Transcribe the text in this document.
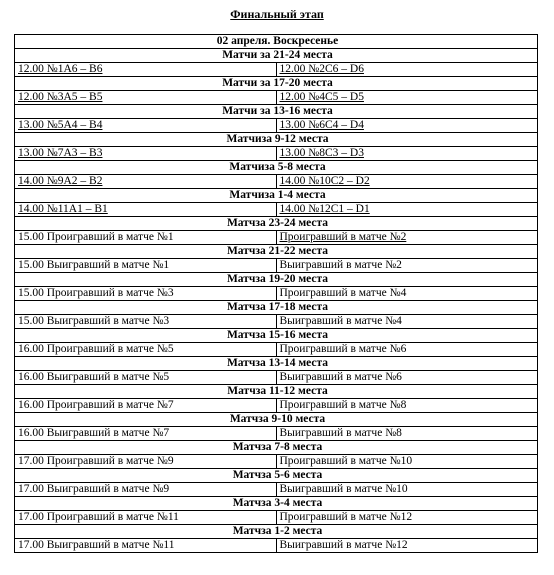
Финальный этап
02 апреля. Воскресенье	
Матчи за 21-24 места	
12.00 №1А6 – В6	12.00 №2С6 – D6
Матчи за 17-20 места	
12.00 №3А5 – В5	12.00 №4С5 – D5
Матчи за 13-16 места	
13.00 №5А4 – В4	13.00 №6С4 – D4
Матчиза 9-12 места	
13.00 №7А3 – В3	13.00 №8С3 – D3
Матчиза 5-8 места	
14.00 №9А2 – В2	14.00 №10С2 – D2
Матчиза 1-4 места	
14.00 №11А1 – В1	14.00 №12С1 – D1
Матчза 23-24 места	
15.00 Проигравший в матче №1	Проигравший в матче №2
Матчза 21-22 места	
15.00 Выигравший в матче №1	Выигравший в матче №2
Матчза 19-20 места	
15.00 Проигравший в матче №3	Проигравший в матче №4
Матчза 17-18 места	
15.00 Выигравший в матче №3	Выигравший в матче №4
Матчза 15-16 места	
16.00 Проигравший в матче №5	Проигравший в матче №6
Матчза 13-14 места	
16.00 Выигравший в матче №5	Выигравший в матче №6
Матчза 11-12 места	
16.00 Проигравший в матче №7	Проигравший в матче №8
Матчза 9-10 места	
16.00 Выигравший в матче №7	Выигравший в матче №8
Матчза 7-8 места	
17.00 Проигравший в матче №9	Проигравший в матче №10
Матчза 5-6 места	
17.00 Выигравший в матче №9	Выигравший в матче №10
Матчза 3-4 места	
17.00 Проигравший в матче №11	Проигравший в матче №12
Матчза 1-2 места	
17.00 Выигравший в матче №11	Выигравший в матче №12
